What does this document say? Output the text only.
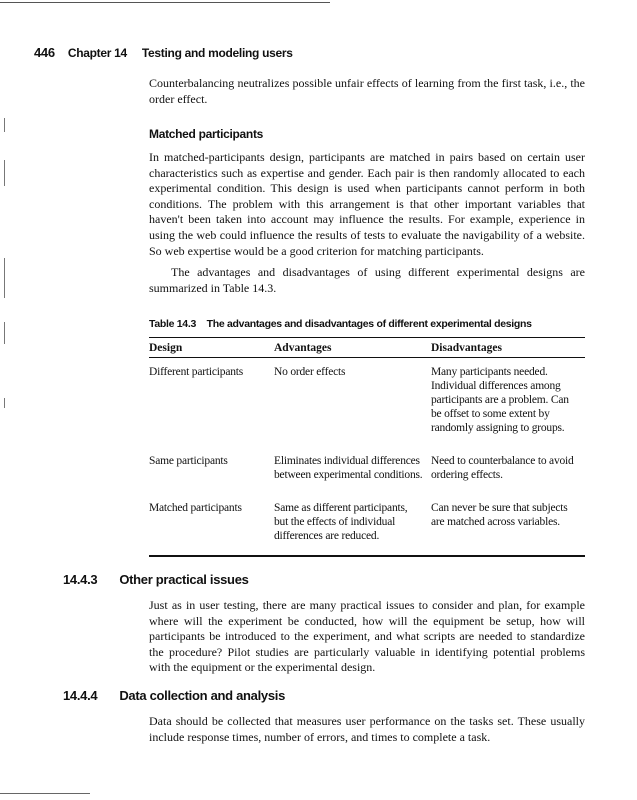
446 Chapter 14 Testing and modeling users

Counterbalancing neutralizes possible unfair effects of learning from the first task, i.e., the order effect.

Matched participants

In matched-participants design, participants are matched in pairs based on certain user characteristics such as expertise and gender. Each pair is then randomly allocated to each experimental condition. This design is used when participants cannot perform in both conditions. The problem with this arrangement is that other important variables that haven't been taken into account may influence the results. For example, experience in using the web could influence the results of tests to evaluate the navigability of a website. So web expertise would be a good criterion for matching participants.

The advantages and disadvantages of using different experimental designs are summarized in Table 14.3.

Table 14.3 The advantages and disadvantages of different experimental designs
Design	Advantages	Disadvantages
Different participants	No order effects	Many participants needed. Individual differences among participants are a problem. Can be offset to some extent by randomly assigning to groups.
Same participants	Eliminates individual differences between experimental conditions.	Need to counterbalance to avoid ordering effects.
Matched participants	Same as different participants, but the effects of individual differences are reduced.	Can never be sure that subjects are matched across variables.
14.4.3 Other practical issues

Just as in user testing, there are many practical issues to consider and plan, for example where will the experiment be conducted, how will the equipment be setup, how will participants be introduced to the experiment, and what scripts are needed to standardize the procedure? Pilot studies are particularly valuable in identifying potential problems with the equipment or the experimental design.

14.4.4 Data collection and analysis

Data should be collected that measures user performance on the tasks set. These usually include response times, number of errors, and times to complete a task.
